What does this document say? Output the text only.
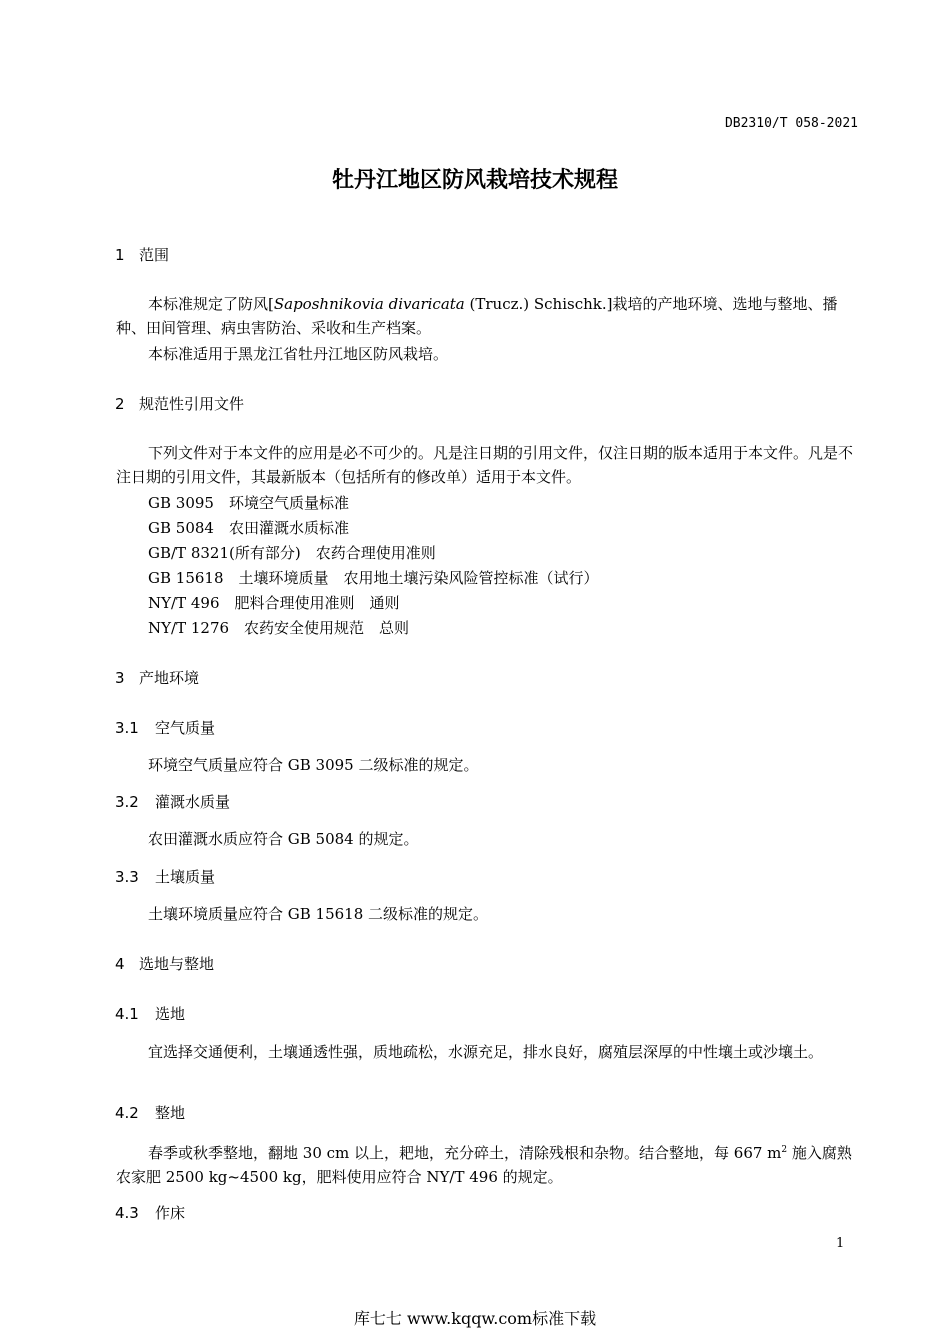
DB2310/T 058-2021
牡丹江地区防风栽培技术规程
1 范围
本标准规定了防风[Saposhnikovia divaricata (Trucz.) Schischk.]栽培的产地环境、选地与整地、播种、田间管理、病虫害防治、采收和生产档案。
本标准适用于黑龙江省牡丹江地区防风栽培。
2 规范性引用文件
下列文件对于本文件的应用是必不可少的。凡是注日期的引用文件，仅注日期的版本适用于本文件。凡是不注日期的引用文件，其最新版本（包括所有的修改单）适用于本文件。
GB 3095　环境空气质量标准
GB 5084　农田灌溉水质标准
GB/T 8321(所有部分)　农药合理使用准则
GB 15618　土壤环境质量　农用地土壤污染风险管控标准（试行）
NY/T 496　肥料合理使用准则　通则
NY/T 1276　农药安全使用规范　总则
3 产地环境
3.1 空气质量
环境空气质量应符合 GB 3095 二级标准的规定。
3.2 灌溉水质量
农田灌溉水质应符合 GB 5084 的规定。
3.3 土壤质量
土壤环境质量应符合 GB 15618 二级标准的规定。
4 选地与整地
4.1 选地
宜选择交通便利，土壤通透性强，质地疏松，水源充足，排水良好，腐殖层深厚的中性壤土或沙壤土。
4.2 整地
春季或秋季整地，翻地 30 cm 以上，耙地，充分碎土，清除残根和杂物。结合整地，每 667 $m^2$ 施入腐熟农家肥 2500 kg~4500 kg，肥料使用应符合 NY/T 496 的规定。
4.3 作床
1
库七七 www.kqqw.com标准下载
